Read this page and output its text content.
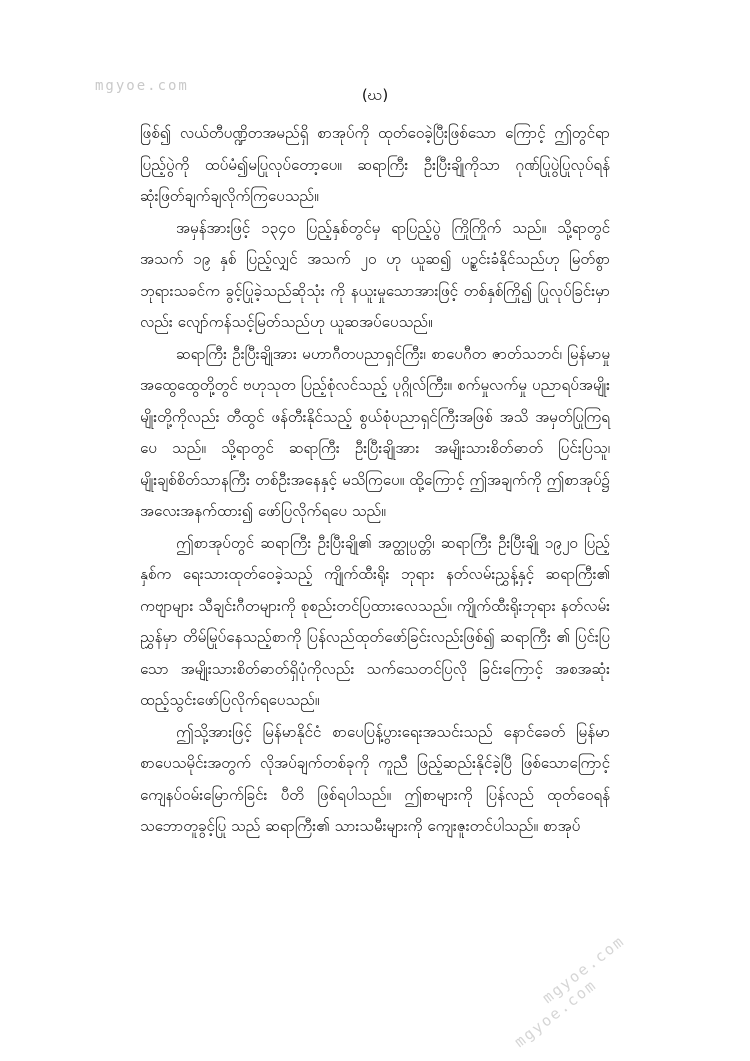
mgyoe.com	(ဃ)

ဖြစ်၍ လယ်တီပဏ္ဍိတအမည်ရှိ စာအုပ်ကို ထုတ်ဝေခဲ့ပြီးဖြစ်သော ကြောင့် ဤတွင်ရာပြည့်ပွဲကို ထပ်မံ၍မပြုလုပ်တော့ပေ။ ဆရာကြီး ဦးပြီးချိုကိုသာ ဂုဏ်ပြုပွဲပြုလုပ်ရန် ဆုံးဖြတ်ချက်ချလိုက်ကြပေသည်။

အမှန်အားဖြင့် ၁၃၄၀ ပြည့်နှစ်တွင်မှ ရာပြည့်ပွဲ ကြိုကြိုက် သည်။ သို့ရာတွင် အသက် ၁၉ နှစ် ပြည့်လျှင် အသက် ၂၀ ဟု ယူဆ၍ ပဉ္စင်းခံနိုင်သည်ဟု မြတ်စွာ ဘုရားသခင်က ခွင့်ပြုခဲ့သည်ဆိုသုံး ကို နယူးမှုသောအားဖြင့် တစ်နှစ်ကြို၍ ပြုလုပ်ခြင်းမှာလည်း လျော်ကန်သင့်မြတ်သည်ဟု ယူဆအပ်ပေသည်။

ဆရာကြီး ဦးပြီးချိုအား မဟာဂီတပညာရှင်ကြီး၊ စာပေဂီတ ဇာတ်သဘင်၊ မြန်မာမှုအထွေထွေတို့တွင် ဗဟုသုတ ပြည့်စုံလင်သည့် ပုဂ္ဂိုလ်ကြီး။ စက်မှုလက်မှု ပညာရပ်အမျိုးမျိုးတို့ကိုလည်း တီထွင် ဖန်တီးနိုင်သည့် စွယ်စုံပညာရှင်ကြီးအဖြစ် အသိ အမှတ်ပြုကြရပေ သည်။ သို့ရာတွင် ဆရာကြီး ဦးပြီးချိုအား အမျိုးသားစိတ်ဓာတ် ပြင်းပြသူ၊ မျိုးချစ်စိတ်သာနကြီး တစ်ဦးအနေနှင့် မသိကြပေ။ ထို့ကြောင့် ဤအချက်ကို ဤစာအုပ်၌ အလေးအနက်ထား၍ ဖော်ပြလိုက်ရပေ သည်။

ဤစာအုပ်တွင် ဆရာကြီး ဦးပြီးချို၏ အတ္ထုပ္ပတ္တိ၊ ဆရာကြီး ဦးပြီးချို ၁၉၂၀ ပြည့်နှစ်က ရေးသားထုတ်ဝေခဲ့သည့် ကျိုက်ထီးရိုး ဘုရား နတ်လမ်းညွှန့်နှင့် ဆရာကြီး၏ ကဗျာများ သီချင်းဂီတများကို စုစည်းတင်ပြထားလေသည်။ ကျိုက်ထီးရိုးဘုရား နတ်လမ်းညွှန်မှာ တိမ်မြုပ်နေသည့်စာကို ပြန်လည်ထုတ်ဖော်ခြင်းလည်းဖြစ်၍ ဆရာကြီး ၏ ပြင်းပြသော အမျိုးသားစိတ်ဓာတ်ရှိပုံကိုလည်း သက်သေတင်ပြလို ခြင်းကြောင့် အစအဆုံး ထည့်သွင်းဖော်ပြလိုက်ရပေသည်။

ဤသို့အားဖြင့် မြန်မာနိုင်ငံ စာပေပြန့်ပွားရေးအသင်းသည် နောင်ခေတ် မြန်မာစာပေသမိုင်းအတွက် လိုအပ်ချက်တစ်ခုကို ကူညီ ဖြည့်ဆည်းနိုင်ခဲ့ပြီ ဖြစ်သောကြောင့် ကျေနပ်ဝမ်းမြောက်ခြင်း ပီတိ ဖြစ်ရပါသည်။ ဤစာများကို ပြန်လည် ထုတ်ဝေရန် သဘောတူခွင့်ပြု သည် ဆရာကြီး၏ သားသမီးများကို ကျေးဇူးတင်ပါသည်။ စာအုပ်

mgyoe.com
mgyoe.com
